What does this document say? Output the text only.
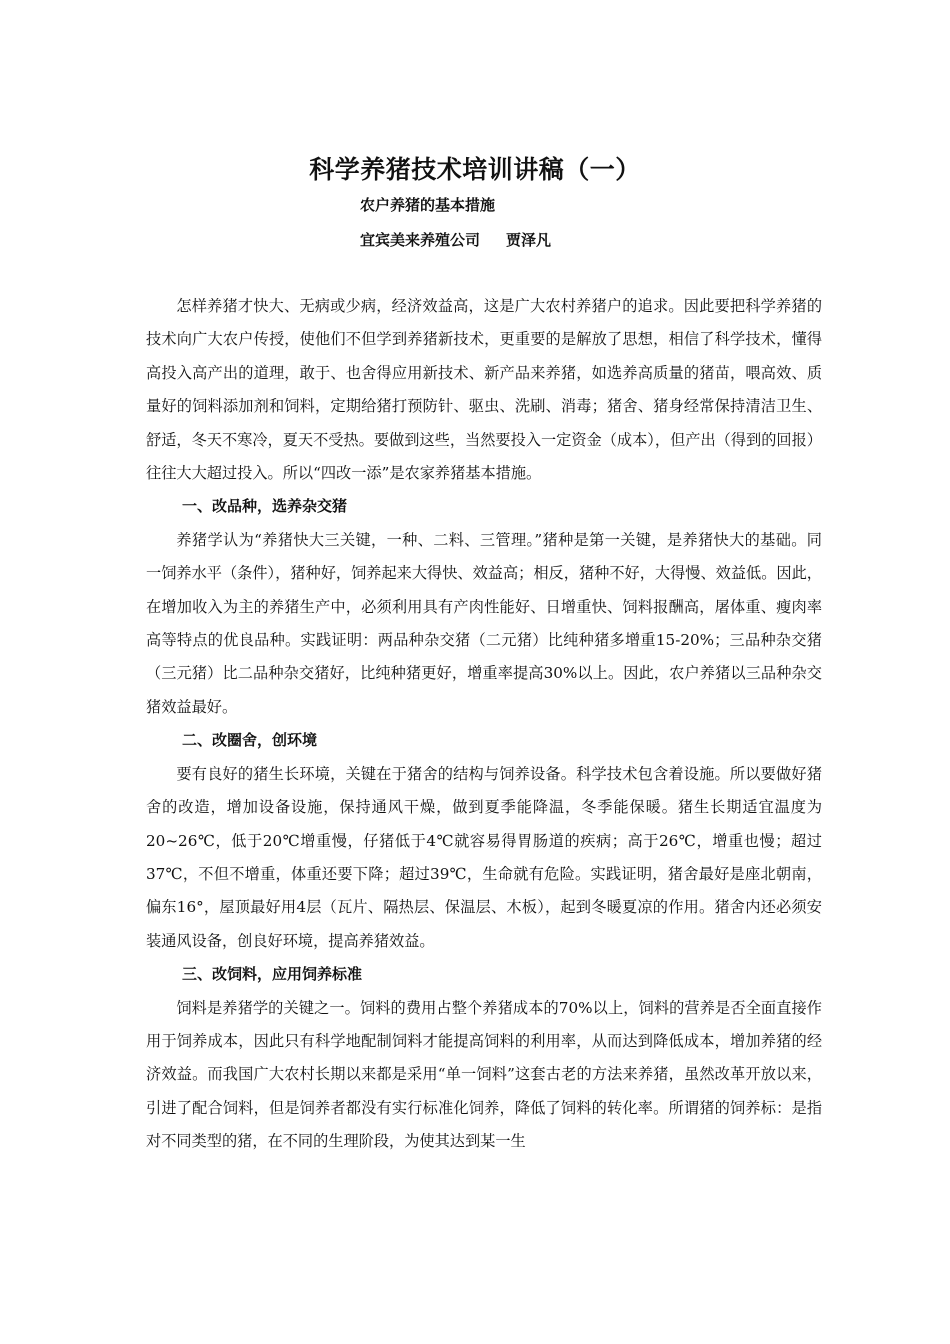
科学养猪技术培训讲稿（一）
农户养猪的基本措施
宜宾美来养殖公司 贾泽凡

怎样养猪才快大、无病或少病，经济效益高，这是广大农村养猪户的追求。因此要把科学养猪的技术向广大农户传授，使他们不但学到养猪新技术，更重要的是解放了思想，相信了科学技术，懂得高投入高产出的道理，敢于、也舍得应用新技术、新产品来养猪，如选养高质量的猪苗，喂高效、质量好的饲料添加剂和饲料，定期给猪打预防针、驱虫、洗刷、消毒；猪舍、猪身经常保持清洁卫生、舒适，冬天不寒冷，夏天不受热。要做到这些，当然要投入一定资金（成本），但产出（得到的回报）往往大大超过投入。所以“四改一添”是农家养猪基本措施。

一、改品种，选养杂交猪

养猪学认为“养猪快大三关键，一种、二料、三管理。”猪种是第一关键，是养猪快大的基础。同一饲养水平（条件），猪种好，饲养起来大得快、效益高；相反，猪种不好，大得慢、效益低。因此，在增加收入为主的养猪生产中，必须利用具有产肉性能好、日增重快、饲料报酬高，屠体重、瘦肉率高等特点的优良品种。实践证明：两品种杂交猪（二元猪）比纯种猪多增重15-20%；三品种杂交猪（三元猪）比二品种杂交猪好，比纯种猪更好，增重率提高30%以上。因此，农户养猪以三品种杂交猪效益最好。

二、改圈舍，创环境

要有良好的猪生长环境，关键在于猪舍的结构与饲养设备。科学技术包含着设施。所以要做好猪舍的改造，增加设备设施，保持通风干燥，做到夏季能降温，冬季能保暖。猪生长期适宜温度为20~26℃，低于20℃增重慢，仔猪低于4℃就容易得胃肠道的疾病；高于26℃，增重也慢；超过37℃，不但不增重，体重还要下降；超过39℃，生命就有危险。实践证明，猪舍最好是座北朝南，偏东16°，屋顶最好用4层（瓦片、隔热层、保温层、木板），起到冬暖夏凉的作用。猪舍内还必须安装通风设备，创良好环境，提高养猪效益。

三、改饲料，应用饲养标准

饲料是养猪学的关键之一。饲料的费用占整个养猪成本的70%以上，饲料的营养是否全面直接作用于饲养成本，因此只有科学地配制饲料才能提高饲料的利用率，从而达到降低成本，增加养猪的经济效益。而我国广大农村长期以来都是采用“单一饲料”这套古老的方法来养猪，虽然改革开放以来，引进了配合饲料，但是饲养者都没有实行标准化饲养，降低了饲料的转化率。所谓猪的饲养标：是指对不同类型的猪，在不同的生理阶段，为使其达到某一生
